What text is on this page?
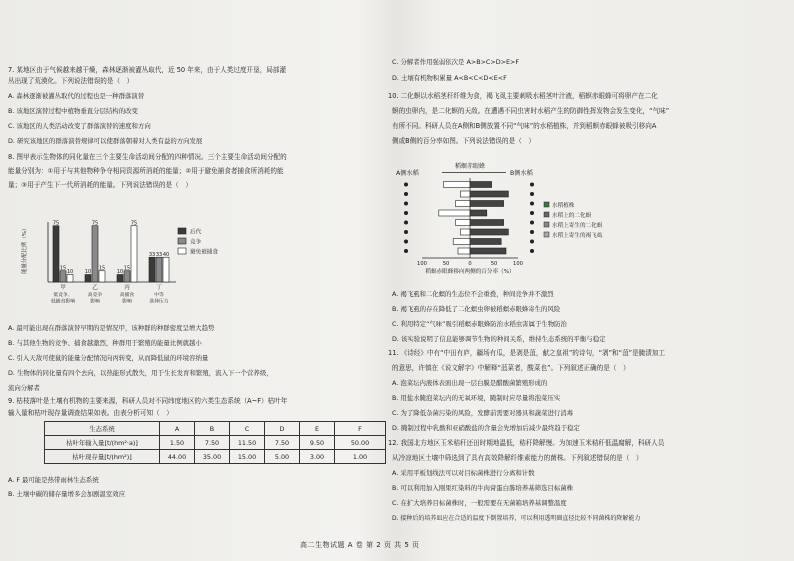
7. 某地区由于气候越来越干燥，森林逐渐被灌丛取代，近 50 年来，由于人类过度开垦，局部灌
丛出现了荒漠化。下列说法错误的是（　）
A. 森林逐渐被灌丛取代的过程也是一种群落演替
B. 该地区演替过程中植物垂直分层结构的改变
C. 该地区的人类活动改变了群落演替的速度和方向
D. 研究该地区的群落演替规律可以使群落朝着对人类有益的方向发展
8. 图甲表示生物体的同化量在三个主要生命活动间分配的四种情况。三个主要生命活动间分配的
能量分别为：①用于与其他物种争夺相同资源所消耗的能量；②用于避免捕食者捕食所消耗的能
量；③用于产生下一代所消耗的能量。下列说法错误的是（　）
能量分配比例（%）
75
15
10
甲
低竞争、
低捕食影响
10
75
15
乙
高竞争
影响
10
15
75
丙
高捕食
影响
33 33 40
丁
中等
选择压力
后代
竞争
避免被捕食
A. 最可能出现在群落演替早期的是情况甲，该种群的种群密度呈增大趋势
B. 与其他生物的竞争、捕食越激烈，种群用于繁殖的能量比例就越小
C. 引入天敌可使鼠的能量分配情况向丙转变，从而降低鼠的环境容纳量
D. 生物体的同化量有四个去向，以热能形式散失，用于生长发育和繁殖，流入下一个营养级，
流向分解者
9. 枯枝落叶是土壤有机物的主要来源，科研人员对不同纬度地区的六类生态系统（A~F）枯叶年
输入量和枯叶现存量调查结果如表。由表分析可知（　）
生态系统	A	B	C	D	E	F
枯叶年输入量[t/(hm²·a)]	1.50	7.50	11.50	7.50	9.50	50.00
枯叶现存量[t/(hm²)]	44.00	35.00	15.00	5.00	3.00	1.00
A. F 最可能是热带雨林生态系统
B. 土壤中碳的储存量增多会加剧温室效应
C. 分解者作用强弱依次是 A>B>C>D>E>F
D. 土壤有机物积累量 A<B<C<D<E<F
10. 二化螟以水稻茎秆纤维为食，褐飞虱主要刺吸水稻茎叶汁液，稻螟赤眼蜂可将卵产在二化
螟的虫卵内，是二化螟的天敌。在遭遇不同虫害时水稻产生的防御性挥发物会发生变化，“气味”
有所不同。科研人员在A侧和B侧放置不同“气味”的水稻植株，并到稻螟赤眼蜂被吸引移向A
侧或B侧的百分率如图。下列说法错误的是（　）
稻螟赤眼蜂
A侧水稻	B侧水稻
100	50	0	50	100
稻螟赤眼蜂移向两侧的百分率（%）
水稻植株
水稻上的二化螟
水稻上寄生的二化螟
水稻上寄生的褐飞虱
A. 褐飞虱和二化螟的生态位不会重叠，种间竞争并不激烈
B. 褐飞虱的存在降低了二化螟虫卵被稻螟赤眼蜂寄生的风险
C. 利用特定“气味”吸引稻螟赤眼蜂防治水稻虫害属于生物防治
D. 该实验说明了信息能够调节生物的种间关系，维持生态系统的平衡与稳定
11. 《诗经》中有“中田有庐，疆场有瓜，是剥是菹，献之皇祖”的诗句，“剥”和“菹”是腌渍加工
的意思，许慎在《说文解字》中解释“菹菜者，酸菜也”。下列叙述正确的是（　）
A. 泡菜坛内液体表面出现一层白膜是醋酸菌繁殖形成的
B. 用盐水腌泡菜坛内的无氧环境，腌制时应尽量将泡菜压实
C. 为了降低杂菌污染的风险，发酵前需要对器具和蔬菜进行消毒
D. 腌制过程中乳酸和亚硝酸盐的含量会先增加后减少最终趋于稳定
12. 我国北方地区玉米秸秆还田时期地温低，秸秆降解慢。为加速玉米秸秆低温腐解，科研人员
从冷凉地区土壤中筛选到了具有高效降解纤维素能力的菌株。下列叙述错误的是（　）
A. 采用平板划线法可以对目标菌株进行分离和计数
B. 可以利用加入刚果红染料的牛肉膏蛋白胨培养基筛选目标菌株
C. 在扩大培养目标菌株时，一般需要在无菌箱培养基调整温度
D. 接种后的培养皿应在合适的温度下倒置培养，可以利用透明圈直径比较不同菌株的降解能力
高二生物试题 A 卷 第 2 页 共 5 页
